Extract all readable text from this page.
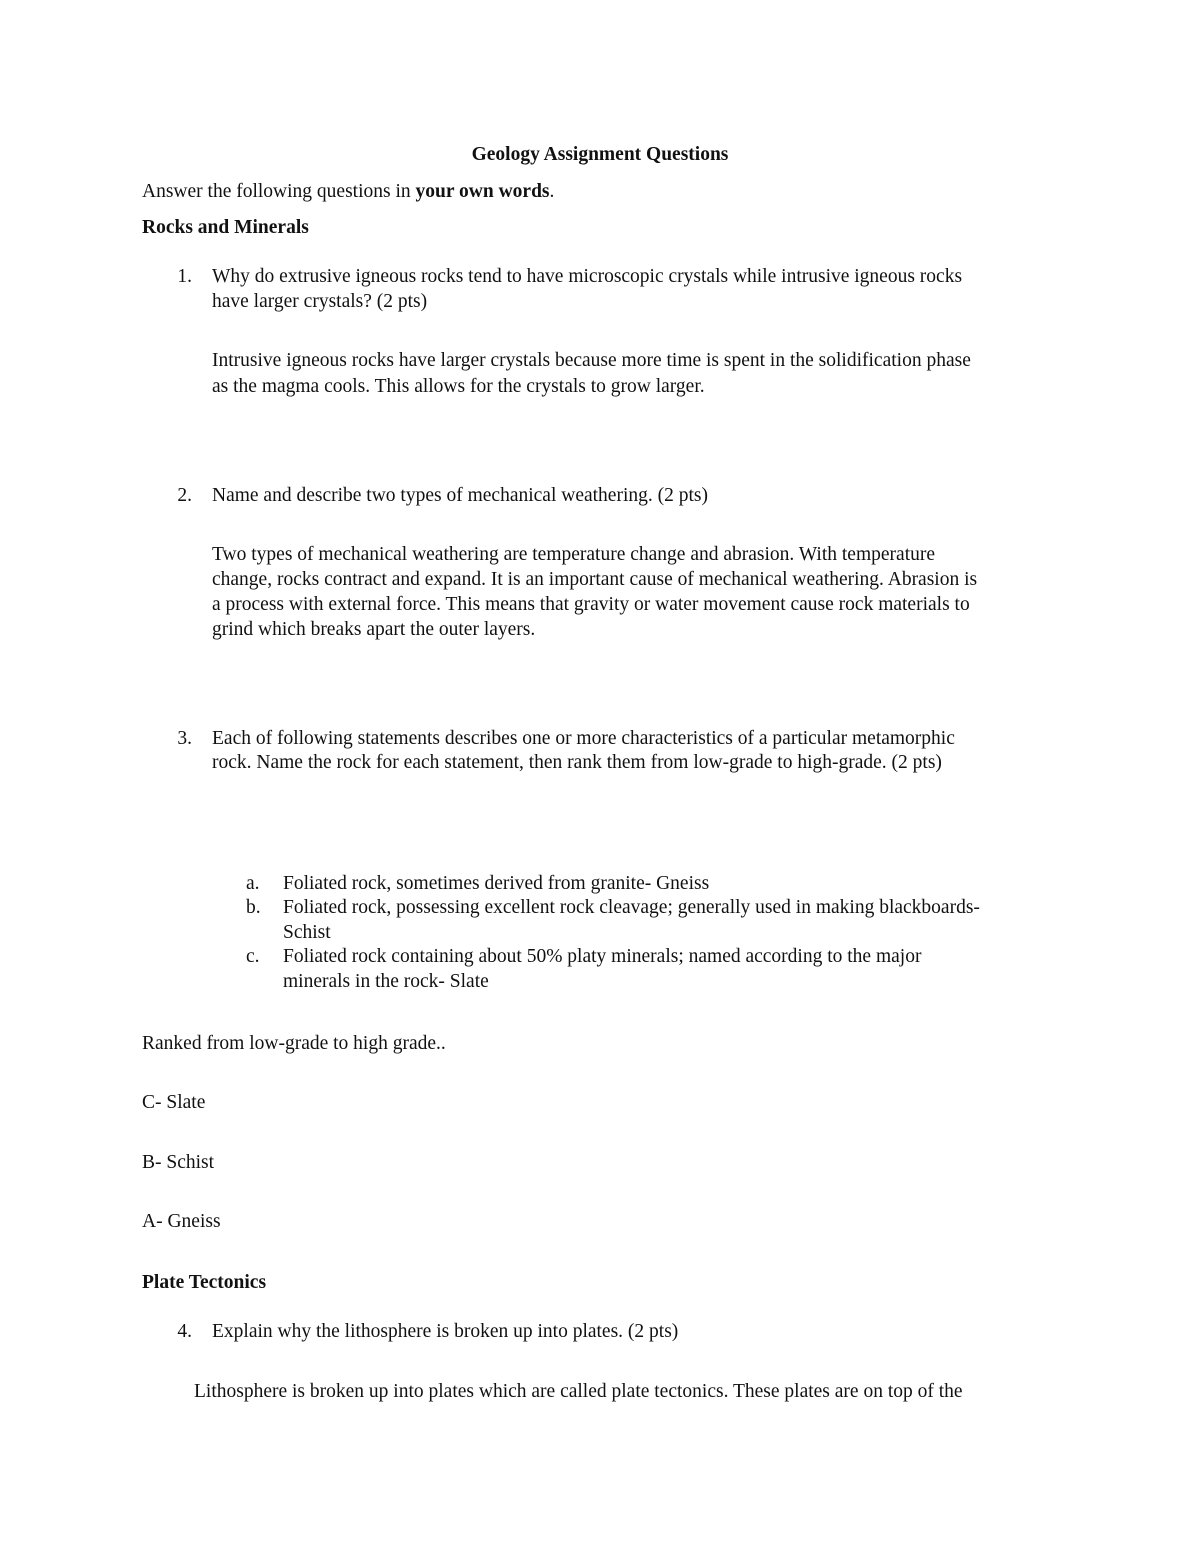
Geology Assignment Questions
Answer the following questions in your own words.
Rocks and Minerals
1. Why do extrusive igneous rocks tend to have microscopic crystals while intrusive igneous rocks
have larger crystals? (2 pts)
Intrusive igneous rocks have larger crystals because more time is spent in the solidification phase
as the magma cools. This allows for the crystals to grow larger.
2. Name and describe two types of mechanical weathering. (2 pts)
Two types of mechanical weathering are temperature change and abrasion. With temperature
change, rocks contract and expand. It is an important cause of mechanical weathering. Abrasion is
a process with external force. This means that gravity or water movement cause rock materials to
grind which breaks apart the outer layers.
3. Each of following statements describes one or more characteristics of a particular metamorphic
rock. Name the rock for each statement, then rank them from low-grade to high-grade. (2 pts)
a. Foliated rock, sometimes derived from granite- Gneiss
b. Foliated rock, possessing excellent rock cleavage; generally used in making blackboards-
Schist
c. Foliated rock containing about 50% platy minerals; named according to the major
minerals in the rock- Slate
Ranked from low-grade to high grade..
C- Slate
B- Schist
A- Gneiss
Plate Tectonics
4. Explain why the lithosphere is broken up into plates. (2 pts)
Lithosphere is broken up into plates which are called plate tectonics. These plates are on top of the
